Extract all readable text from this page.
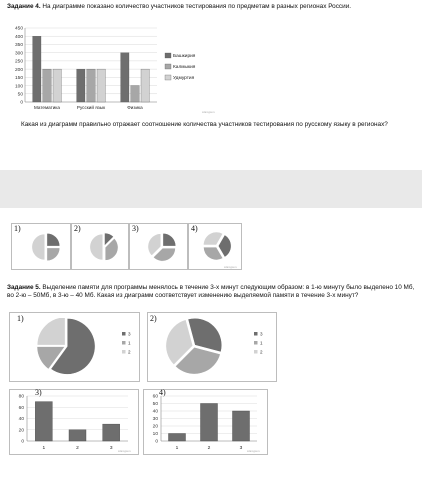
Задание 4. На диаграмме показано количество участников тестирования по предметам в разных регионах России.
0
50
100
150
200
250
300
350
400
450
Математика	Русский язык	Физика
Башкирия
Калмыкия
Удмуртия
sdamgia.ru
Какая из диаграмм правильно отражает соотношение количества участников тестирования по русскому языку в регионах?
1)	2)	3)	4)
sdamgia.ru
Задание 5. Выделение памяти для программы менялось в течение 3-х минут следующим образом: в 1-ю минуту было выделено 10 Мб, во 2-ю – 50Мб, в 3-ю – 40 Мб. Какая из диаграмм соответствует изменению выделяемой памяти в течение 3-х минут?
1)	2)
3
1
2
3
1
2
3)	4)
0
20
40
60
80
1	2	3
sdamgia.ru
0
10
20
30
40
50
60
1	2	3
sdamgia.ru
